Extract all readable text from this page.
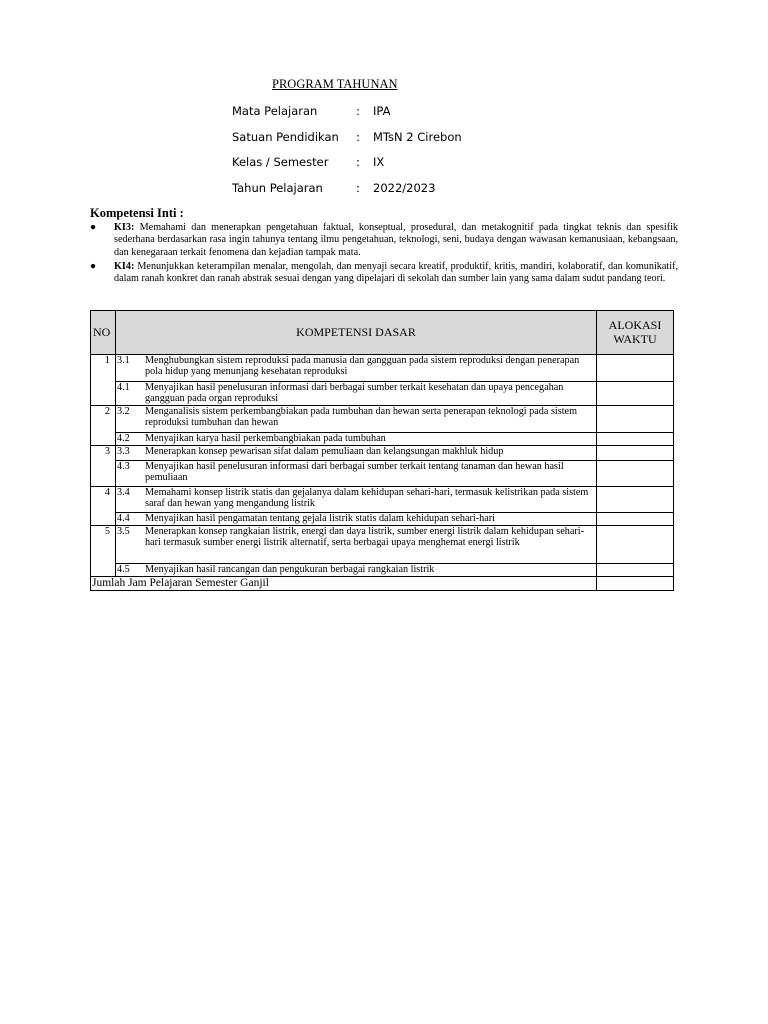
PROGRAM TAHUNAN
Mata Pelajaran	: IPA
Satuan Pendidikan	: MTsN 2 Cirebon
Kelas / Semester	: IX
Tahun Pelajaran	: 2022/2023
Kompetensi Inti :
● KI3: Memahami dan menerapkan pengetahuan faktual, konseptual, prosedural, dan metakognitif pada tingkat teknis dan spesifik sederhana berdasarkan rasa ingin tahunya tentang ilmu pengetahuan, teknologi, seni, budaya dengan wawasan kemanusiaan, kebangsaan, dan kenegaraan terkait fenomena dan kejadian tampak mata.
● KI4: Menunjukkan keterampilan menalar, mengolah, dan menyaji secara kreatif, produktif, kritis, mandiri, kolaboratif, dan komunikatif, dalam ranah konkret dan ranah abstrak sesuai dengan yang dipelajari di sekolah dan sumber lain yang sama dalam sudut pandang teori.
NO	KOMPETENSI DASAR	ALOKASI
WAKTU
1	3.1 Menghubungkan sistem reproduksi pada manusia dan gangguan pada sistem reproduksi dengan penerapan pola hidup yang menunjang kesehatan reproduksi	

	4.1 Menyajikan hasil penelusuran informasi dari berbagai sumber terkait kesehatan dan upaya pencegahan gangguan pada organ reproduksi	

2	3.2 Menganalisis sistem perkembangbiakan pada tumbuhan dan hewan serta penerapan teknologi pada sistem reproduksi tumbuhan dan hewan	

	4.2 Menyajikan karya hasil perkembangbiakan pada tumbuhan	

3	3.3 Menerapkan konsep pewarisan sifat dalam pemuliaan dan kelangsungan makhluk hidup	

	4.3 Menyajikan hasil penelusuran informasi dari berbagai sumber terkait tentang tanaman dan hewan hasil pemuliaan	

4	3.4 Memahami konsep listrik statis dan gejalanya dalam kehidupan sehari-hari, termasuk kelistrikan pada sistem saraf dan hewan yang mengandung listrik	

	4.4 Menyajikan hasil pengamatan tentang gejala listrik statis dalam kehidupan sehari-hari	

5	3.5 Menerapkan konsep rangkaian listrik, energi dan daya listrik, sumber energi listrik dalam kehidupan sehari-hari termasuk sumber energi listrik alternatif, serta berbagai upaya menghemat energi listrik	

	4.5 Menyajikan hasil rancangan dan pengukuran berbagai rangkaian listrik	

Jumlah Jam Pelajaran Semester Ganjil		
